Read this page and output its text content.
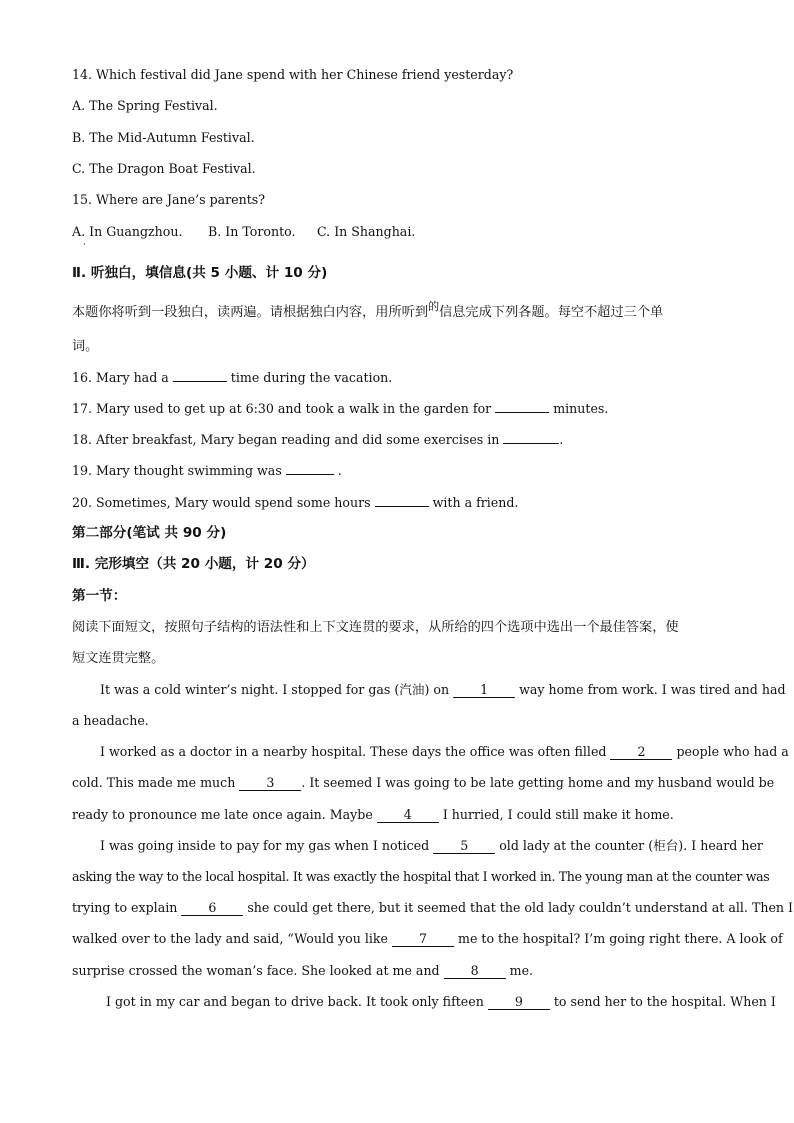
·
14. Which festival did Jane spend with her Chinese friend yesterday?
A. The Spring Festival.
B. The Mid-Autumn Festival.
C. The Dragon Boat Festival.
15. Where are Jane’s parents?
A. In Guangzhou. B. In Toronto. C. In Shanghai.
Ⅱ. 听独白，填信息(共 5 小题、计 10 分)
本题你将听到一段独白，读两遍。请根据独白内容，用所听到$^的$信息完成下列各题。每空不超过三个单
词。
16. Mary had a	time during the vacation.
17. Mary used to get up at 6:30 and took a walk in the garden for	minutes.
18. After breakfast, Mary began reading and did some exercises in	.
19. Mary thought swimming was	.
20. Sometimes, Mary would spend some hours	with a friend.
第二部分(笔试 共 90 分)
Ⅲ. 完形填空（共 20 小题，计 20 分）
第一节：
阅读下面短文，按照句子结构的语法性和上下文连贯的要求，从所给的四个选项中选出一个最佳答案，使
短文连贯完整。
It was a cold winter’s night. I stopped for gas (汽油) on 1 way home from work. I was tired and had
a headache.
I worked as a doctor in a nearby hospital. These days the office was often filled 2 people who had a
cold. This made me much 3 . It seemed I was going to be late getting home and my husband would be
ready to pronounce me late once again. Maybe 4 I hurried, I could still make it home.
I was going inside to pay for my gas when I noticed 5 old lady at the counter (柜台). I heard her
asking the way to the local hospital. It was exactly the hospital that I worked in. The young man at the counter was
trying to explain 6 she could get there, but it seemed that the old lady couldn’t understand at all. Then I
walked over to the lady and said, “Would you like 7 me to the hospital? I’m going right there. A look of
surprise crossed the woman’s face. She looked at me and 8 me.
I got in my car and began to drive back. It took only fifteen 9 to send her to the hospital. When I
